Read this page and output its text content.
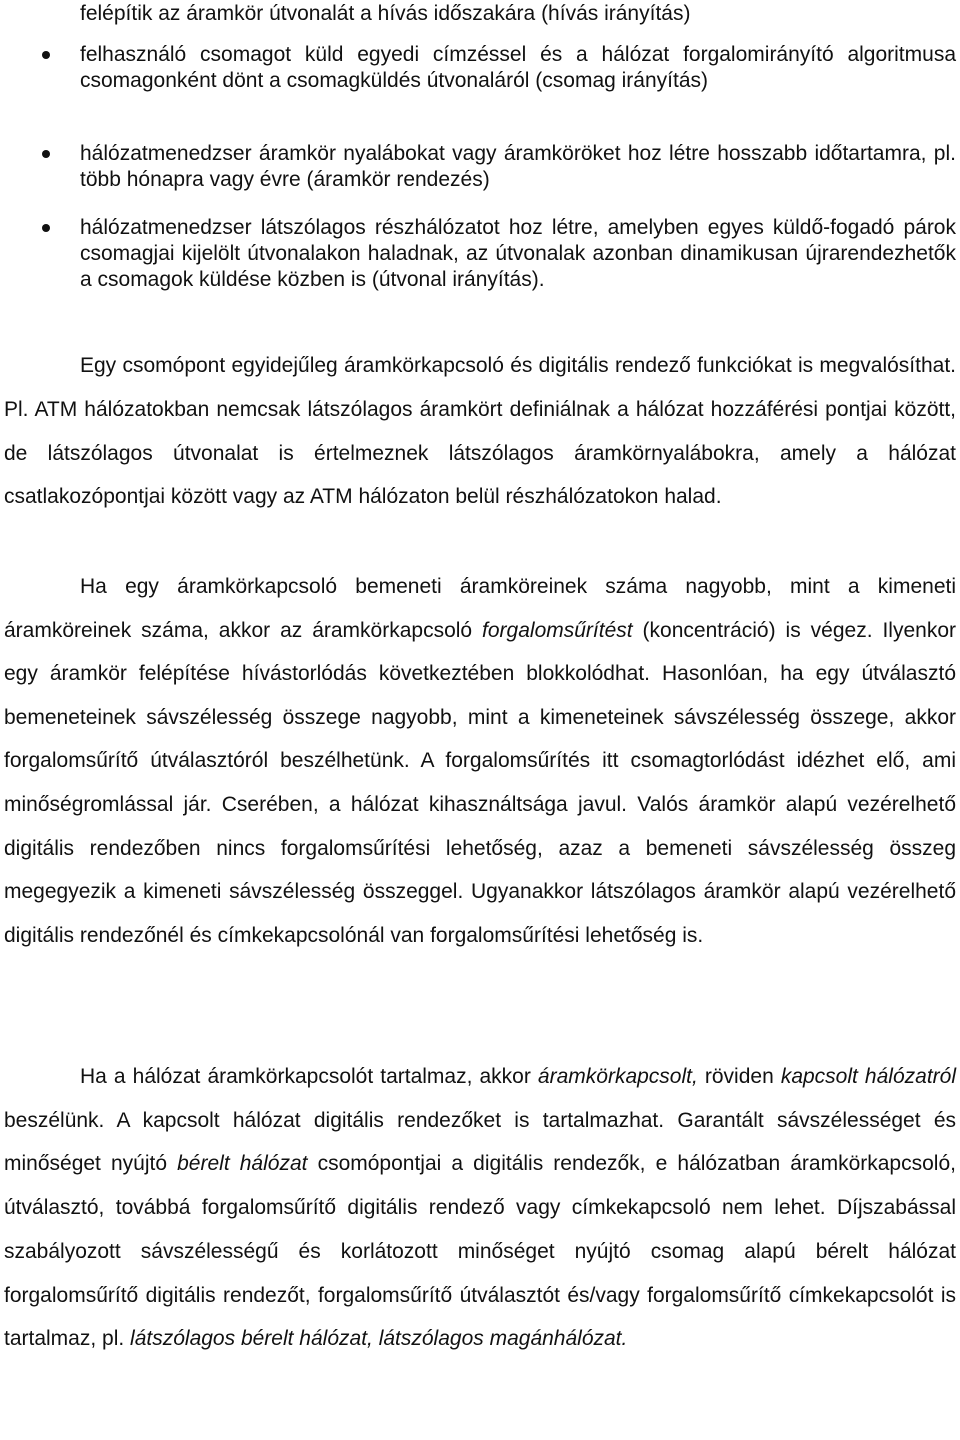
felépítik az áramkör útvonalát a hívás időszakára (hívás irányítás)
felhasználó csomagot küld egyedi címzéssel és a hálózat forgalomirányító algoritmusa csomagonként dönt a csomagküldés útvonaláról (csomag irányítás)
hálózatmenedzser áramkör nyalábokat vagy áramköröket hoz létre hosszabb időtartamra, pl. több hónapra vagy évre (áramkör rendezés)
hálózatmenedzser látszólagos részhálózatot hoz létre, amelyben egyes küldő-fogadó párok csomagjai kijelölt útvonalakon haladnak, az útvonalak azonban dinamikusan újrarendezhetők a csomagok küldése közben is (útvonal irányítás).

Egy csomópont egyidejűleg áramkörkapcsoló és digitális rendező funkciókat is megvalósíthat. Pl. ATM hálózatokban nemcsak látszólagos áramkört definiálnak a hálózat hozzáférési pontjai között, de látszólagos útvonalat is értelmeznek látszólagos áramkörnyalábokra, amely a hálózat csatlakozópontjai között vagy az ATM hálózaton belül részhálózatokon halad.

Ha egy áramkörkapcsoló bemeneti áramköreinek száma nagyobb, mint a kimeneti áramköreinek száma, akkor az áramkörkapcsoló forgalomsűrítést (koncentráció) is végez. Ilyenkor egy áramkör felépítése hívástorlódás következtében blokkolódhat. Hasonlóan, ha egy útválasztó bemeneteinek sávszélesség összege nagyobb, mint a kimeneteinek sávszélesség összege, akkor forgalomsűrítő útválasztóról beszélhetünk. A forgalomsűrítés itt csomagtorlódást idézhet elő, ami minőségromlással jár. Cserében, a hálózat kihasználtsága javul. Valós áramkör alapú vezérelhető digitális rendezőben nincs forgalomsűrítési lehetőség, azaz a bemeneti sávszélesség összeg megegyezik a kimeneti sávszélesség összeggel. Ugyanakkor látszólagos áramkör alapú vezérelhető digitális rendezőnél és címkekapcsolónál van forgalomsűrítési lehetőség is.

Ha a hálózat áramkörkapcsolót tartalmaz, akkor áramkörkapcsolt, röviden kapcsolt hálózatról beszélünk. A kapcsolt hálózat digitális rendezőket is tartalmazhat. Garantált sávszélességet és minőséget nyújtó bérelt hálózat csomópontjai a digitális rendezők, e hálózatban áramkörkapcsoló, útválasztó, továbbá forgalomsűrítő digitális rendező vagy címkekapcsoló nem lehet. Díjszabással szabályozott sávszélességű és korlátozott minőséget nyújtó csomag alapú bérelt hálózat forgalomsűrítő digitális rendezőt, forgalomsűrítő útválasztót és/vagy forgalomsűrítő címkekapcsolót is tartalmaz, pl. látszólagos bérelt hálózat, látszólagos magánhálózat.
